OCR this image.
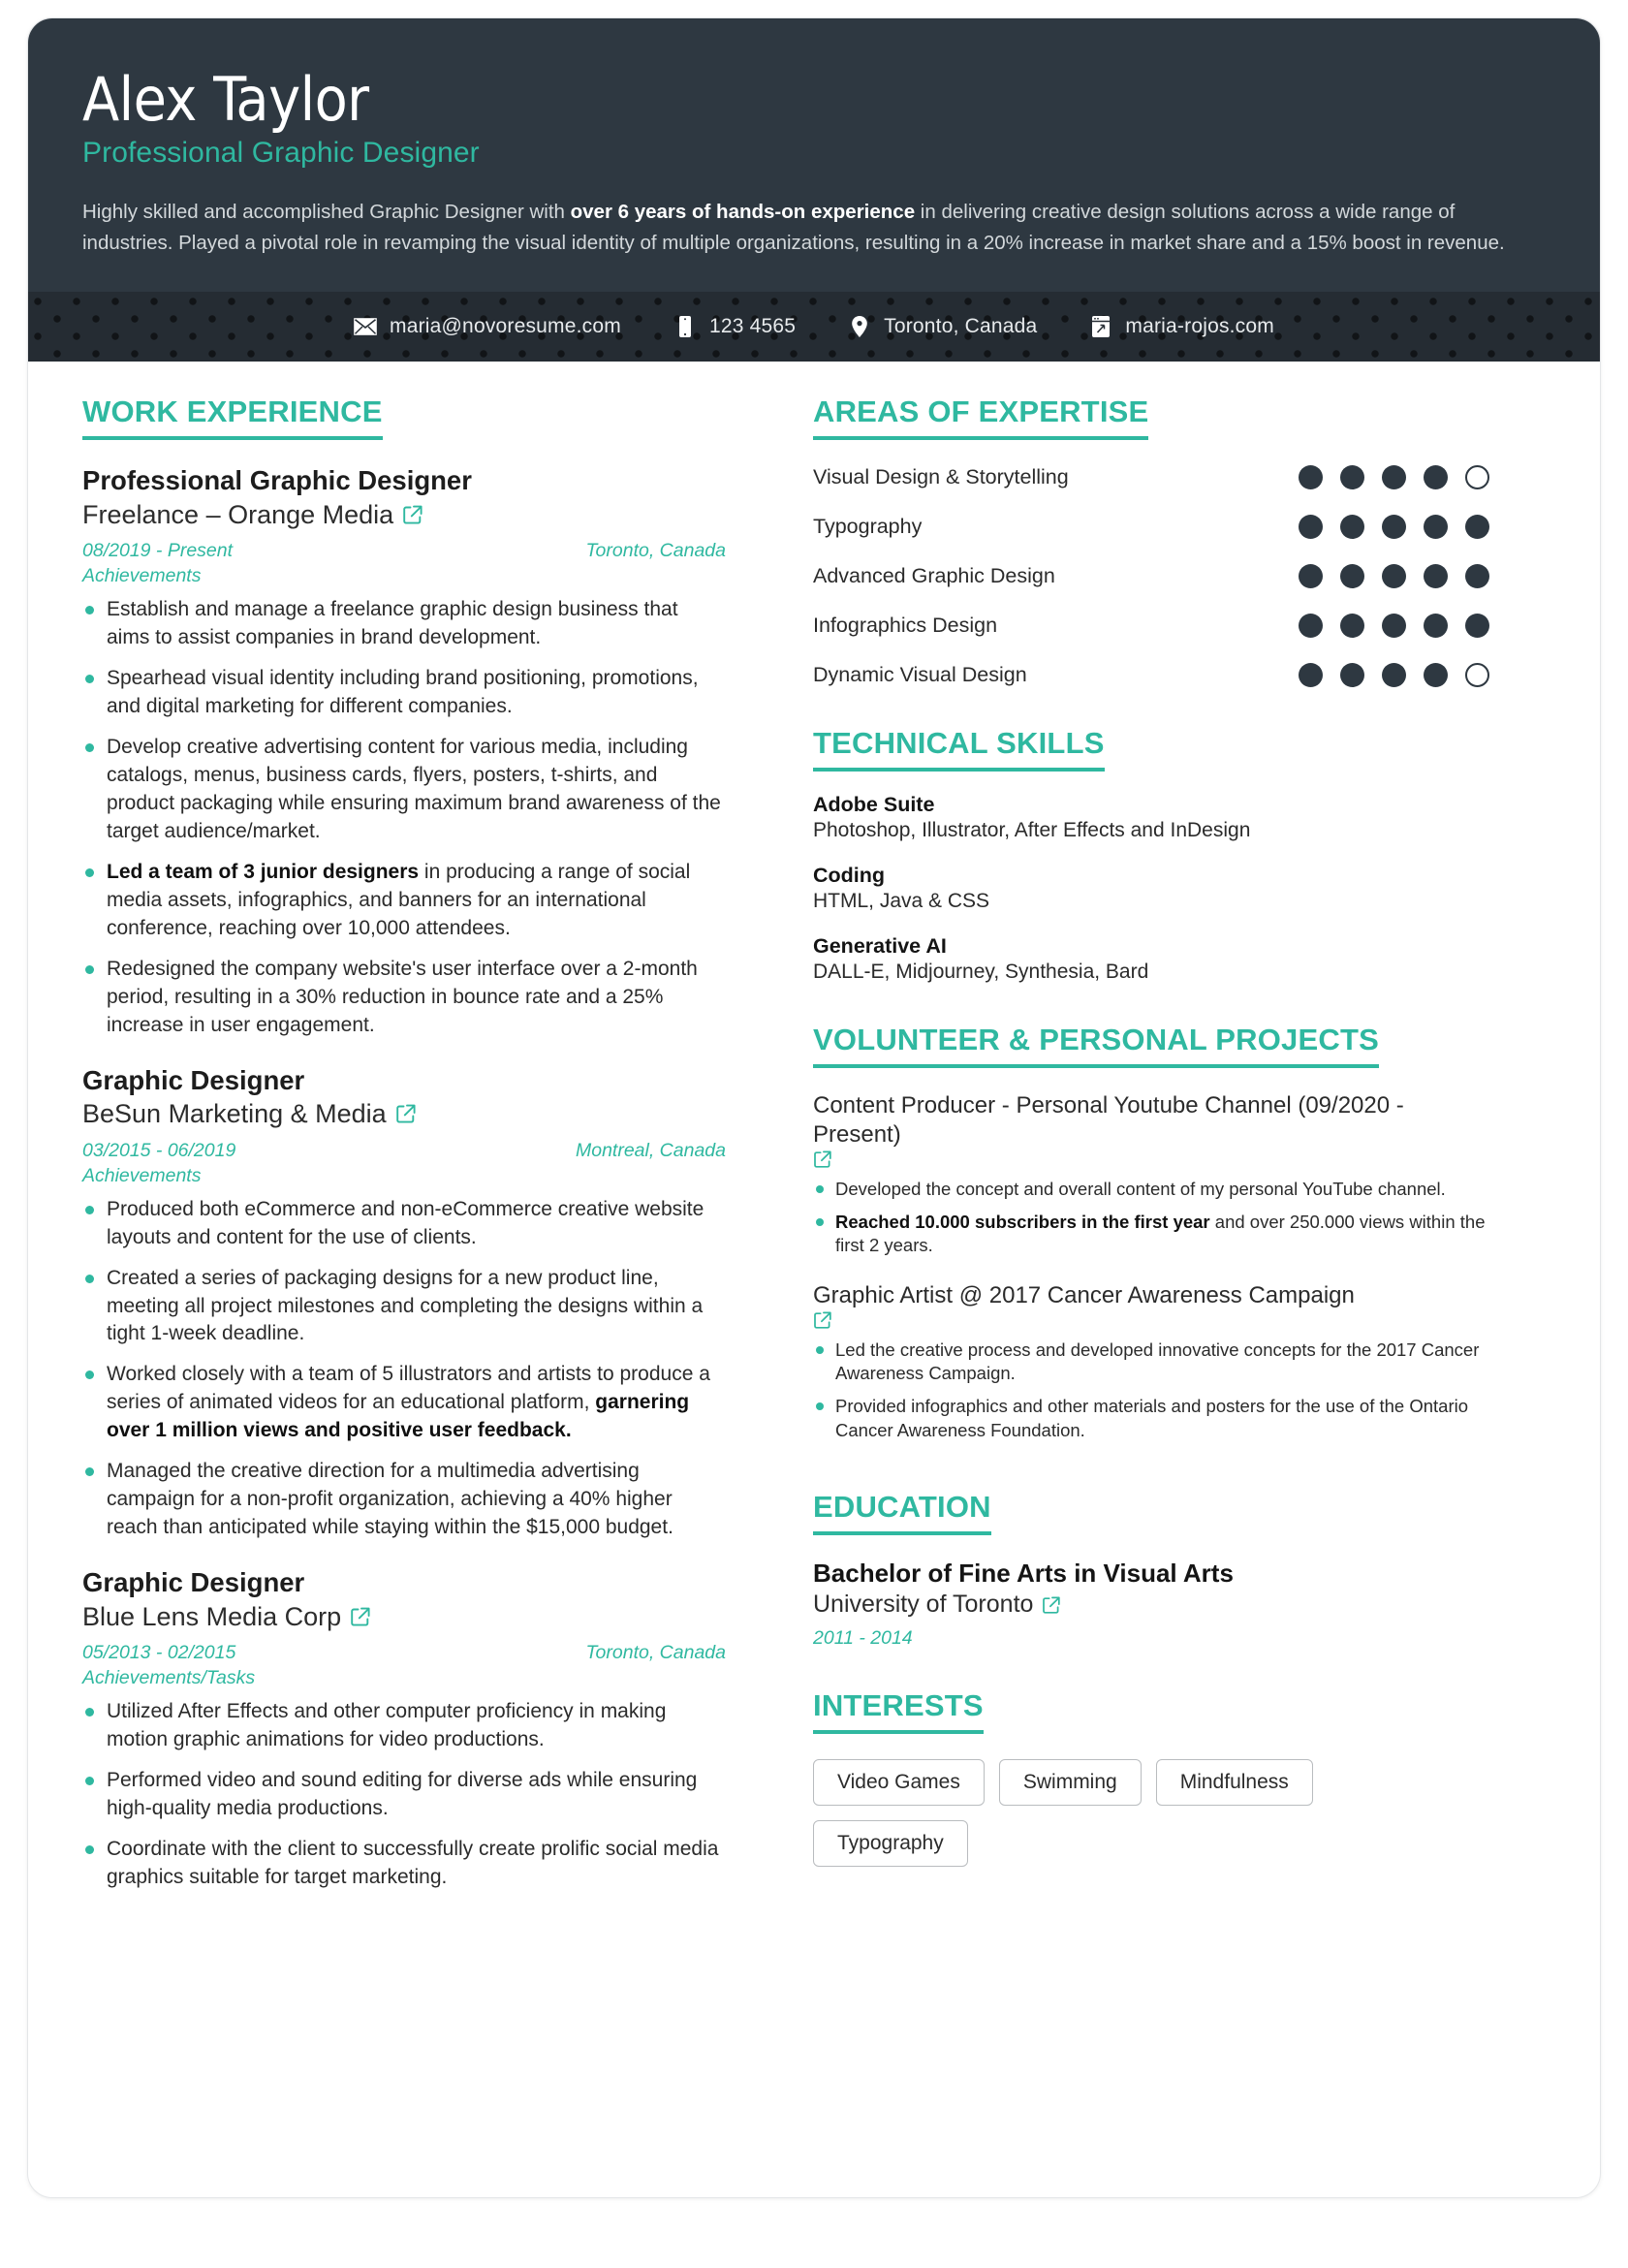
Alex Taylor
Professional Graphic Designer
Highly skilled and accomplished Graphic Designer with over 6 years of hands-on experience in delivering creative design solutions across a wide range of industries. Played a pivotal role in revamping the visual identity of multiple organizations, resulting in a 20% increase in market share and a 15% boost in revenue.
maria@novoresume.com	123 4565	Toronto, Canada	maria-rojos.com
WORK EXPERIENCE
Professional Graphic Designer
Freelance – Orange Media
08/2019 - Present	Toronto, Canada
Achievements
Establish and manage a freelance graphic design business that aims to assist companies in brand development.
Spearhead visual identity including brand positioning, promotions, and digital marketing for different companies.
Develop creative advertising content for various media, including catalogs, menus, business cards, flyers, posters, t-shirts, and product packaging while ensuring maximum brand awareness of the target audience/market.
Led a team of 3 junior designers in producing a range of social media assets, infographics, and banners for an international conference, reaching over 10,000 attendees.
Redesigned the company website's user interface over a 2-month period, resulting in a 30% reduction in bounce rate and a 25% increase in user engagement.
Graphic Designer
BeSun Marketing & Media
03/2015 - 06/2019	Montreal, Canada
Achievements
Produced both eCommerce and non-eCommerce creative website layouts and content for the use of clients.
Created a series of packaging designs for a new product line, meeting all project milestones and completing the designs within a tight 1-week deadline.
Worked closely with a team of 5 illustrators and artists to produce a series of animated videos for an educational platform, garnering over 1 million views and positive user feedback.
Managed the creative direction for a multimedia advertising campaign for a non-profit organization, achieving a 40% higher reach than anticipated while staying within the $15,000 budget.
Graphic Designer
Blue Lens Media Corp
05/2013 - 02/2015	Toronto, Canada
Achievements/Tasks
Utilized After Effects and other computer proficiency in making motion graphic animations for video productions.
Performed video and sound editing for diverse ads while ensuring high-quality media productions.
Coordinate with the client to successfully create prolific social media graphics suitable for target marketing.
AREAS OF EXPERTISE
Visual Design & Storytelling
Typography
Advanced Graphic Design
Infographics Design
Dynamic Visual Design
TECHNICAL SKILLS
Adobe Suite
Photoshop, Illustrator, After Effects and InDesign
Coding
HTML, Java & CSS
Generative AI
DALL-E, Midjourney, Synthesia, Bard
VOLUNTEER & PERSONAL PROJECTS
Content Producer - Personal Youtube Channel (09/2020 - Present)
Developed the concept and overall content of my personal YouTube channel.
Reached 10.000 subscribers in the first year and over 250.000 views within the first 2 years.
Graphic Artist @ 2017 Cancer Awareness Campaign
Led the creative process and developed innovative concepts for the 2017 Cancer Awareness Campaign.
Provided infographics and other materials and posters for the use of the Ontario Cancer Awareness Foundation.
EDUCATION
Bachelor of Fine Arts in Visual Arts
University of Toronto
2011 - 2014
INTERESTS
Video Games	Swimming	Mindfulness
Typography
